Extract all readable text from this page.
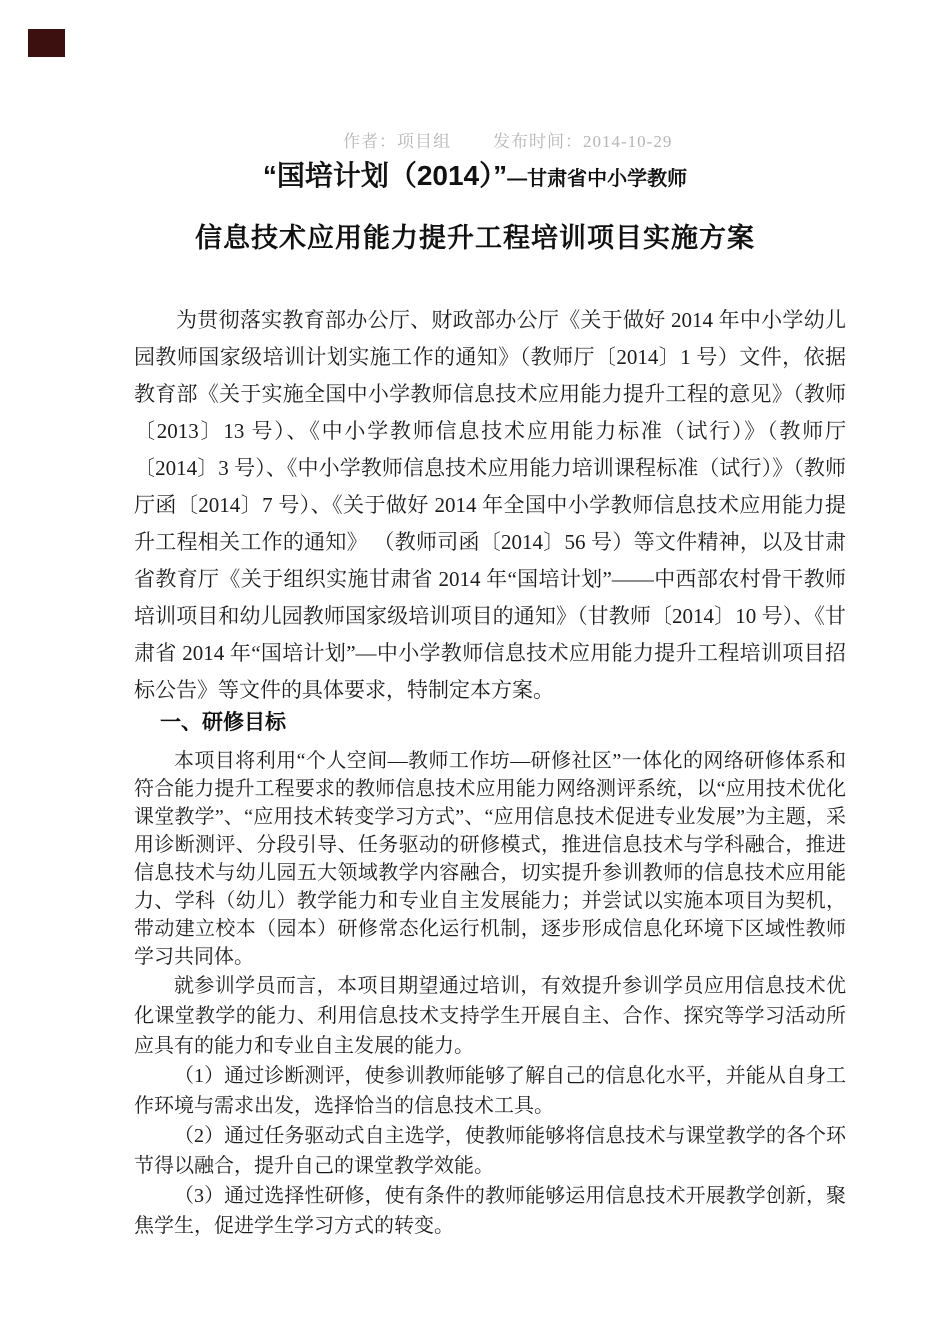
作者：项目组 发布时间：2014-10-29
“国培计划（2014）”—甘肃省中小学教师
信息技术应用能力提升工程培训项目实施方案

为贯彻落实教育部办公厅、财政部办公厅《关于做好 2014 年中小学幼儿园教师国家级培训计划实施工作的通知》（教师厅〔2014〕1 号）文件，依据教育部《关于实施全国中小学教师信息技术应用能力提升工程的意见》（教师〔2013〕13 号）、《中小学教师信息技术应用能力标准（试行）》（教师厅〔2014〕3 号）、《中小学教师信息技术应用能力培训课程标准（试行）》（教师厅函〔2014〕7 号）、《关于做好 2014 年全国中小学教师信息技术应用能力提升工程相关工作的通知》 （教师司函〔2014〕56 号）等文件精神，以及甘肃省教育厅《关于组织实施甘肃省 2014 年“国培计划”——中西部农村骨干教师培训项目和幼儿园教师国家级培训项目的通知》（甘教师〔2014〕10 号）、《甘肃省 2014 年“国培计划”—中小学教师信息技术应用能力提升工程培训项目招标公告》等文件的具体要求，特制定本方案。

一、研修目标

本项目将利用“个人空间—教师工作坊—研修社区”一体化的网络研修体系和符合能力提升工程要求的教师信息技术应用能力网络测评系统，以“应用技术优化课堂教学”、“应用技术转变学习方式”、“应用信息技术促进专业发展”为主题，采用诊断测评、分段引导、任务驱动的研修模式，推进信息技术与学科融合，推进信息技术与幼儿园五大领域教学内容融合，切实提升参训教师的信息技术应用能力、学科（幼儿）教学能力和专业自主发展能力；并尝试以实施本项目为契机，带动建立校本（园本）研修常态化运行机制，逐步形成信息化环境下区域性教师学习共同体。

就参训学员而言，本项目期望通过培训，有效提升参训学员应用信息技术优化课堂教学的能力、利用信息技术支持学生开展自主、合作、探究等学习活动所应具有的能力和专业自主发展的能力。

（1）通过诊断测评，使参训教师能够了解自己的信息化水平，并能从自身工作环境与需求出发，选择恰当的信息技术工具。

（2）通过任务驱动式自主选学，使教师能够将信息技术与课堂教学的各个环节得以融合，提升自己的课堂教学效能。

（3）通过选择性研修，使有条件的教师能够运用信息技术开展教学创新，聚焦学生，促进学生学习方式的转变。
